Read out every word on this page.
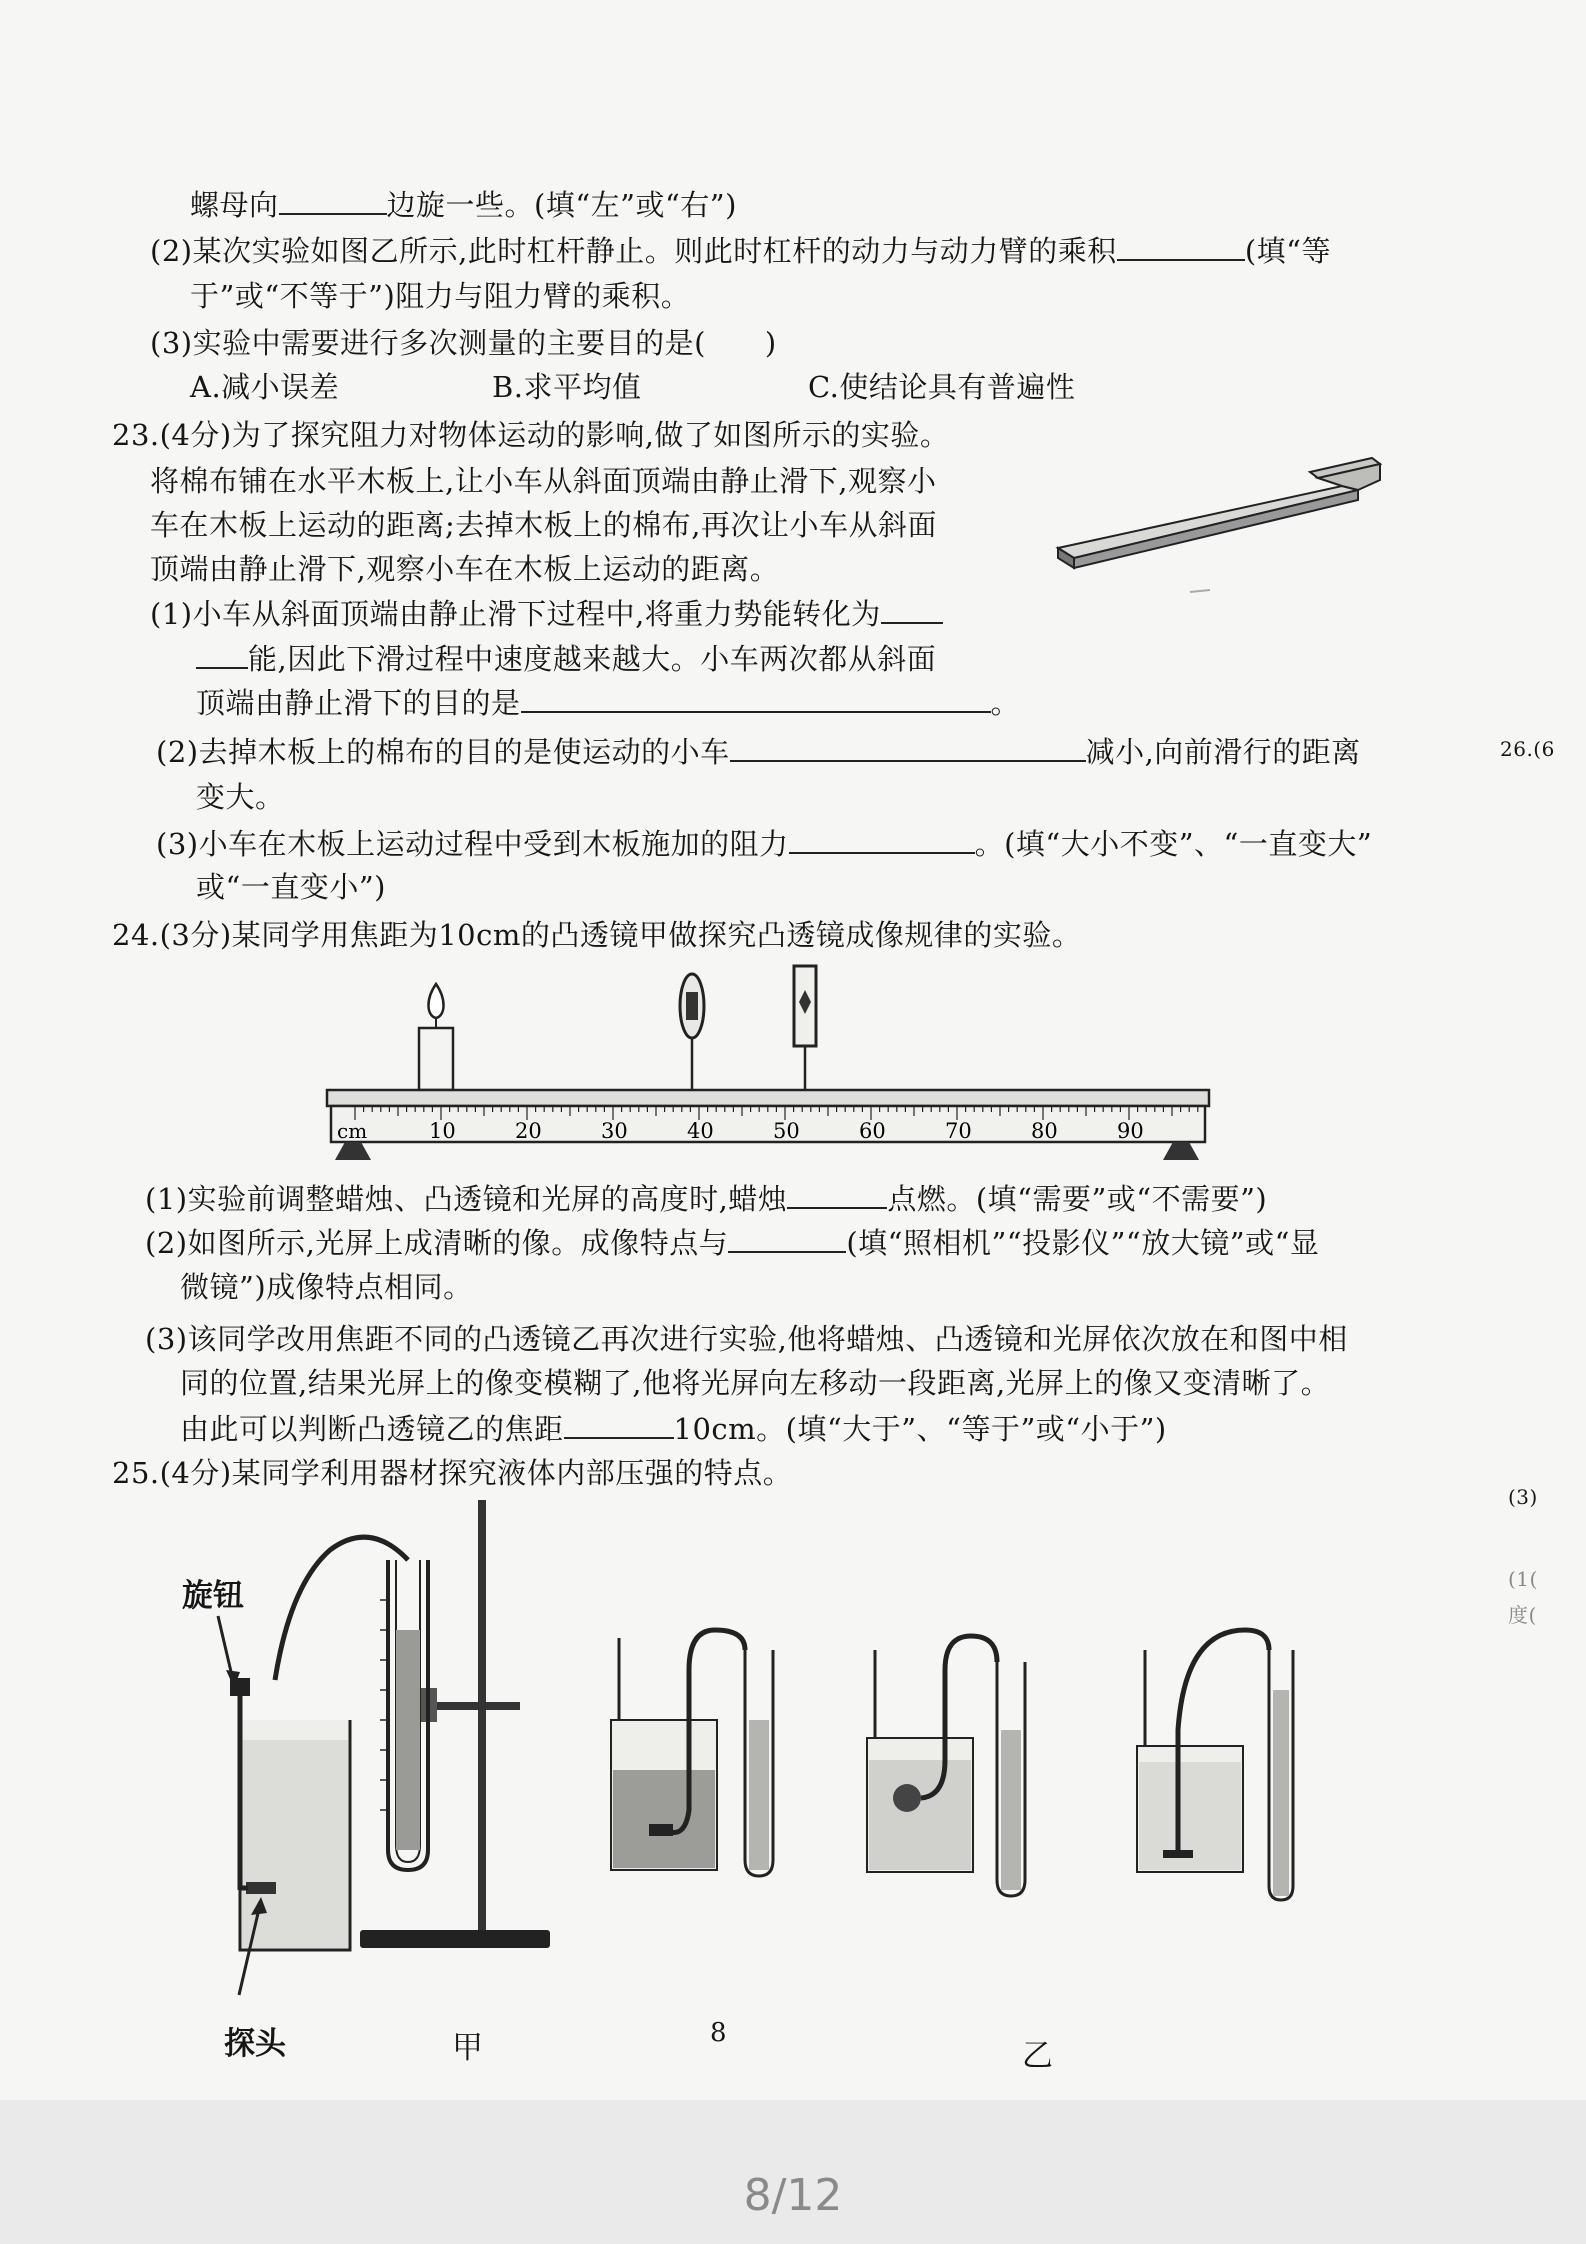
螺母向	边旋一些。(填“左”或“右”)
(2)某次实验如图乙所示,此时杠杆静止。则此时杠杆的动力与动力臂的乘积	(填“等
于”或“不等于”)阻力与阻力臂的乘积。
(3)实验中需要进行多次测量的主要目的是(　　)
A.减小误差	B.求平均值	C.使结论具有普遍性
23.(4分)为了探究阻力对物体运动的影响,做了如图所示的实验。
将棉布铺在水平木板上,让小车从斜面顶端由静止滑下,观察小
车在木板上运动的距离;去掉木板上的棉布,再次让小车从斜面
顶端由静止滑下,观察小车在木板上运动的距离。
(1)小车从斜面顶端由静止滑下过程中,将重力势能转化为
能,因此下滑过程中速度越来越大。小车两次都从斜面
顶端由静止滑下的目的是	。
(2)去掉木板上的棉布的目的是使运动的小车	减小,向前滑行的距离
变大。
(3)小车在木板上运动过程中受到木板施加的阻力	。(填“大小不变”、“一直变大”
或“一直变小”)
24.(3分)某同学用焦距为10cm的凸透镜甲做探究凸透镜成像规律的实验。
cm	10	20	30	40	50	60	70	80	90
(1)实验前调整蜡烛、凸透镜和光屏的高度时,蜡烛	点燃。(填“需要”或“不需要”)
(2)如图所示,光屏上成清晰的像。成像特点与	(填“照相机”“投影仪”“放大镜”或“显
微镜”)成像特点相同。
(3)该同学改用焦距不同的凸透镜乙再次进行实验,他将蜡烛、凸透镜和光屏依次放在和图中相
同的位置,结果光屏上的像变模糊了,他将光屏向左移动一段距离,光屏上的像又变清晰了。
由此可以判断凸透镜乙的焦距	10cm。(填“大于”、“等于”或“小于”)
25.(4分)某同学利用器材探究液体内部压强的特点。
旋钮
探头	甲	乙
26.(6
(3)
(1(
度(
8
8/12
